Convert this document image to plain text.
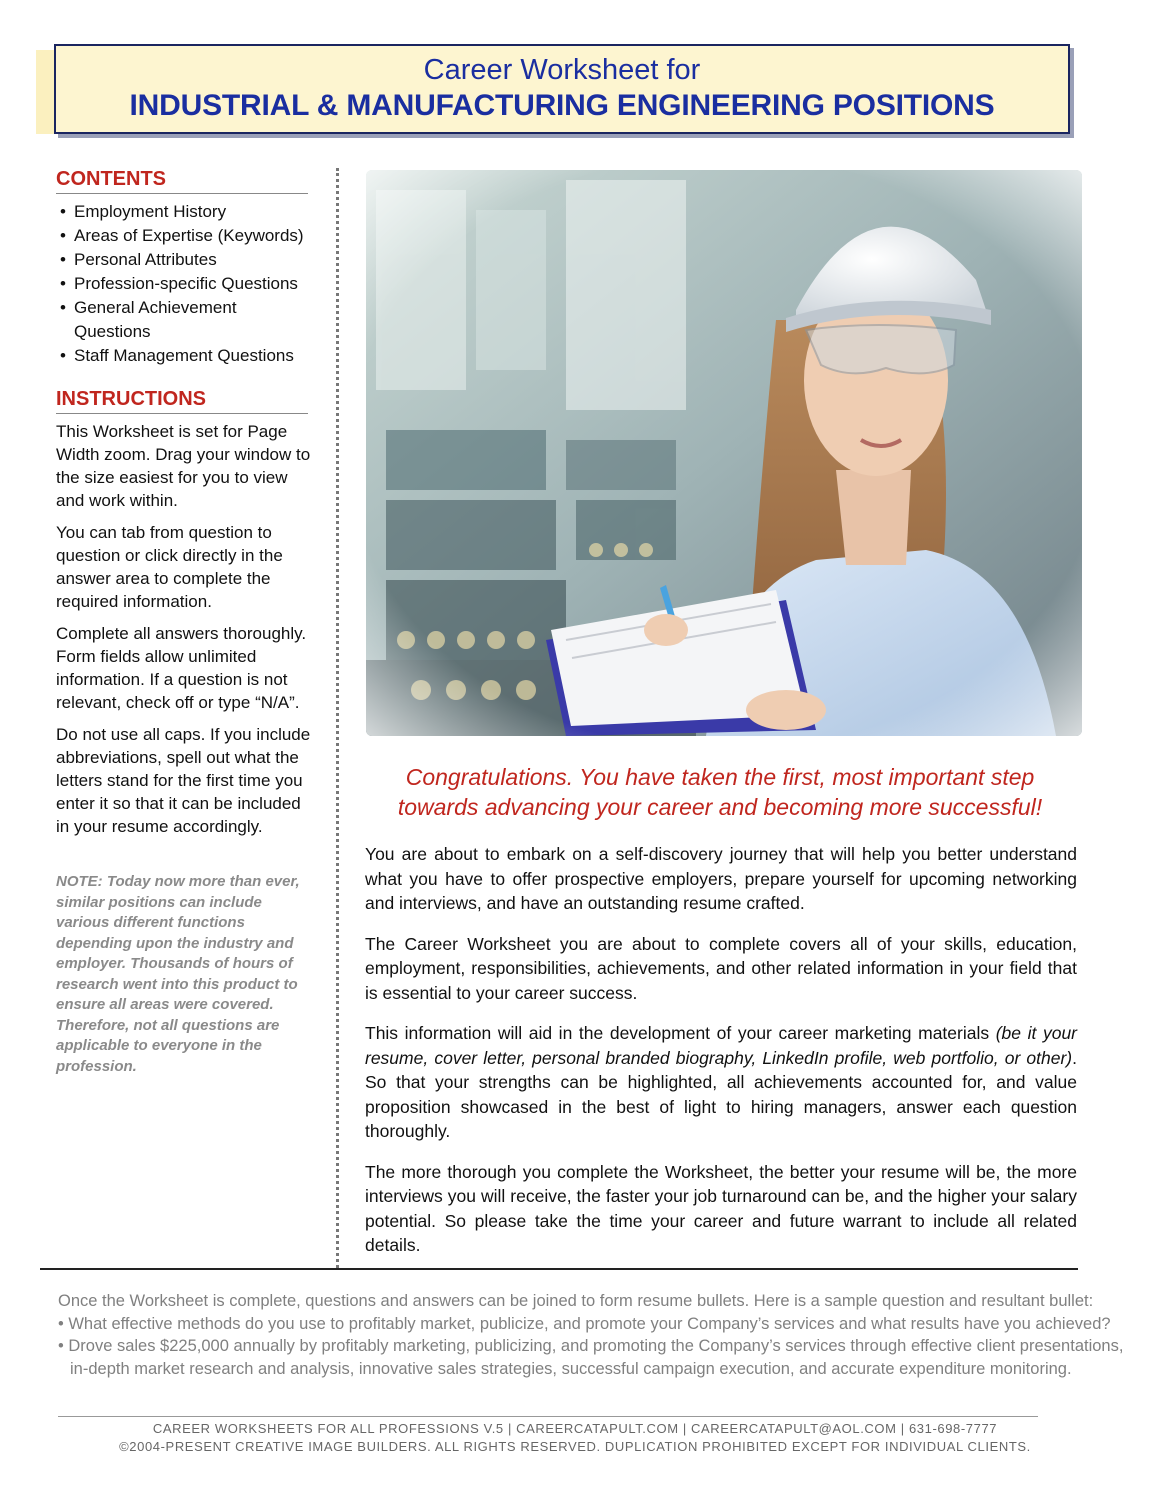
Career Worksheet for
INDUSTRIAL & MANUFACTURING ENGINEERING POSITIONS
CONTENTS
• Employment History
• Areas of Expertise (Keywords)
• Personal Attributes
• Profession-specific Questions
• General Achievement Questions
• Staff Management Questions
INSTRUCTIONS

This Worksheet is set for Page Width zoom. Drag your window to the size easiest for you to view and work within.

You can tab from question to question or click directly in the answer area to complete the required information.

Complete all answers thoroughly. Form fields allow unlimited information. If a question is not relevant, check off or type “N/A”.

Do not use all caps. If you include abbreviations, spell out what the letters stand for the first time you enter it so that it can be included in your resume accordingly.

NOTE: Today now more than ever, similar positions can include various different functions depending upon the industry and employer. Thousands of hours of research went into this product to ensure all areas were covered. Therefore, not all questions are applicable to everyone in the profession.
Congratulations. You have taken the first, most important step
towards advancing your career and becoming more successful!

You are about to embark on a self-discovery journey that will help you better understand what you have to offer prospective employers, prepare yourself for upcoming networking and interviews, and have an outstanding resume crafted.

The Career Worksheet you are about to complete covers all of your skills, education, employment, responsibilities, achievements, and other related information in your field that is essential to your career success.

This information will aid in the development of your career marketing materials (be it your resume, cover letter, personal branded biography, LinkedIn profile, web portfolio, or other). So that your strengths can be highlighted, all achievements accounted for, and value proposition showcased in the best of light to hiring managers, answer each question thoroughly.

The more thorough you complete the Worksheet, the better your resume will be, the more interviews you will receive, the faster your job turnaround can be, and the higher your salary potential. So please take the time your career and future warrant to include all related details.

Once the Worksheet is complete, questions and answers can be joined to form resume bullets. Here is a sample question and resultant bullet:
• What effective methods do you use to profitably market, publicize, and promote your Company’s services and what results have you achieved?
• Drove sales $225,000 annually by profitably marketing, publicizing, and promoting the Company’s services through effective client presentations,
in-depth market research and analysis, innovative sales strategies, successful campaign execution, and accurate expenditure monitoring.
CAREER WORKSHEETS FOR ALL PROFESSIONS V.5 | CAREERCATAPULT.COM | CAREERCATAPULT@AOL.COM | 631-698-7777
©2004-PRESENT CREATIVE IMAGE BUILDERS. ALL RIGHTS RESERVED. DUPLICATION PROHIBITED EXCEPT FOR INDIVIDUAL CLIENTS.
